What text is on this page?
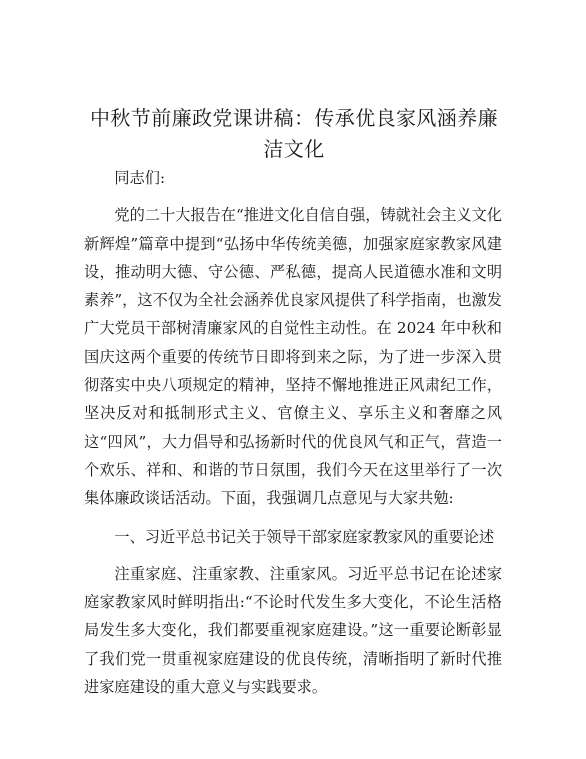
中秋节前廉政党课讲稿：传承优良家风涵养廉洁文化

同志们:

党的二十大报告在“推进文化自信自强，铸就社会主义文化新辉煌”篇章中提到“弘扬中华传统美德，加强家庭家教家风建设，推动明大德、守公德、严私德，提高人民道德水准和文明素养”，这不仅为全社会涵养优良家风提供了科学指南，也激发广大党员干部树清廉家风的自觉性主动性。在 2024 年中秋和国庆这两个重要的传统节日即将到来之际，为了进一步深入贯彻落实中央八项规定的精神，坚持不懈地推进正风肃纪工作，坚决反对和抵制形式主义、官僚主义、享乐主义和奢靡之风这“四风”，大力倡导和弘扬新时代的优良风气和正气，营造一个欢乐、祥和、和谐的节日氛围，我们今天在这里举行了一次集体廉政谈话活动。下面，我强调几点意见与大家共勉:

一、习近平总书记关于领导干部家庭家教家风的重要论述

注重家庭、注重家教、注重家风。习近平总书记在论述家庭家教家风时鲜明指出:“不论时代发生多大变化，不论生活格局发生多大变化，我们都要重视家庭建设。”这一重要论断彰显了我们党一贯重视家庭建设的优良传统，清晰指明了新时代推进家庭建设的重大意义与实践要求。
